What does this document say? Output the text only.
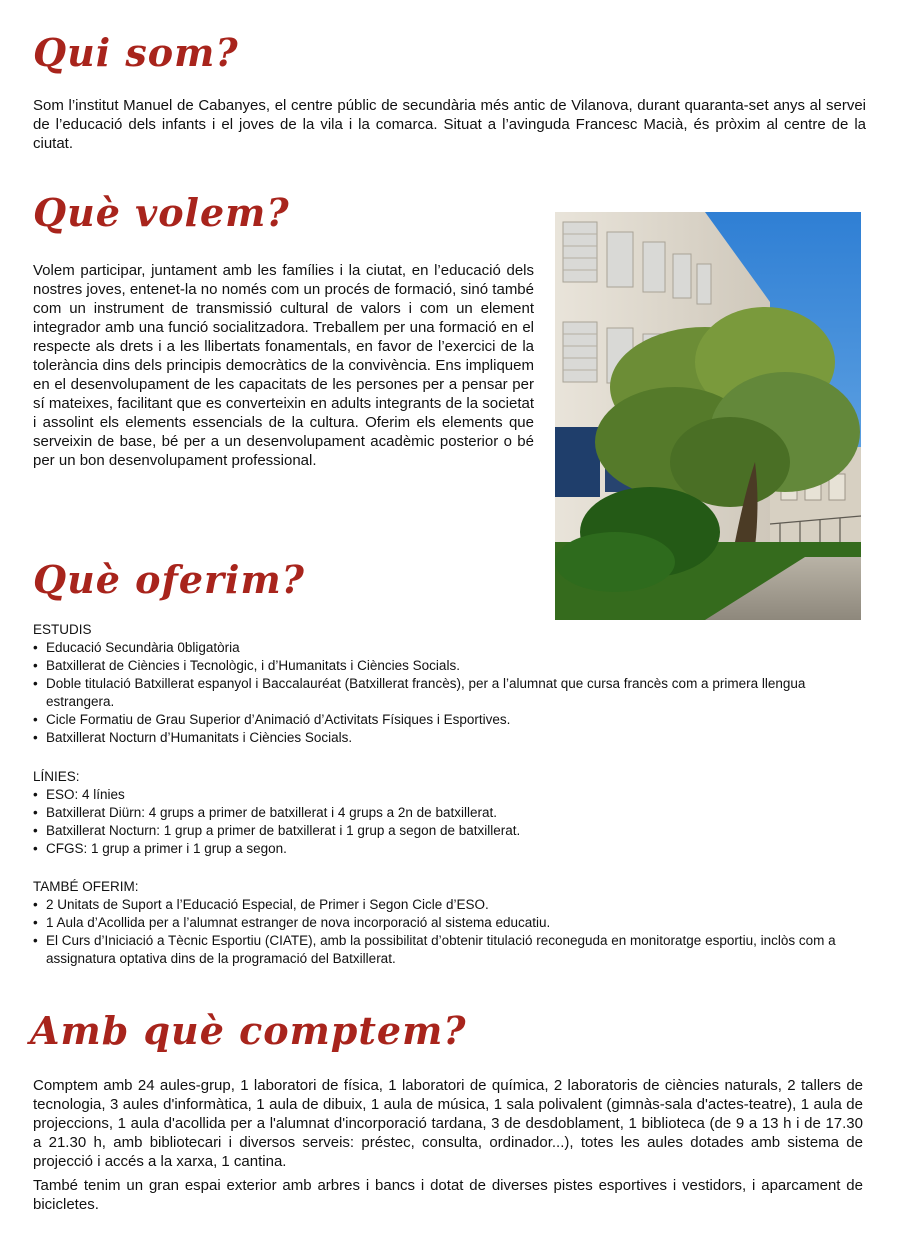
Qui som?

Som l’institut Manuel de Cabanyes, el centre públic de secundària més antic de Vilanova, durant quaranta-set anys al servei de l’educació dels infants i el joves de la vila i la comarca. Situat a l’avinguda Francesc Macià, és pròxim al centre de la ciutat.

Què volem?

Volem participar, juntament amb les famílies i la ciutat, en l’educació dels nostres joves, entenet-la no només com un procés de formació, sinó també com un instrument de transmissió cultural de valors i com un element integrador amb una funció socialitzadora. Treballem per una formació en el respecte als drets i a les llibertats fonamentals, en favor de l’exercici de la tolerància dins dels principis democràtics de la convivència. Ens impliquem en el desenvolupament de les capacitats de les persones per a pensar per sí mateixes, facilitant que es converteixin en adults integrants de la societat i assolint els elements essencials de la cultura. Oferim els elements que serveixin de base, bé per a un desenvolupament acadèmic posterior o bé per un bon desenvolupament professional.

Què oferim?
ESTUDIS
• Educació Secundària 0bligatòria
• Batxillerat de Ciències i Tecnològic, i d’Humanitats i Ciències Socials.
• Doble titulació Batxillerat espanyol i Baccalauréat (Batxillerat francès), per a l’alumnat que cursa francès com a primera llengua estrangera.
• Cicle Formatiu de Grau Superior d’Animació d’Activitats Físiques i Esportives.
• Batxillerat Nocturn d’Humanitats i Ciències Socials.
LÍNIES:
• ESO: 4 línies
• Batxillerat Diürn: 4 grups a primer de batxillerat i 4 grups a 2n de batxillerat.
• Batxillerat Nocturn: 1 grup a primer de batxillerat i 1 grup a segon de batxillerat.
• CFGS: 1 grup a primer i 1 grup a segon.
TAMBÉ OFERIM:
• 2 Unitats de Suport a l’Educació Especial, de Primer i Segon Cicle d’ESO.
• 1 Aula d’Acollida per a l’alumnat estranger de nova incorporació al sistema educatiu.
• El Curs d’Iniciació a Tècnic Esportiu (CIATE), amb la possibilitat d’obtenir titulació reconeguda en monitoratge esportiu, inclòs com a assignatura optativa dins de la programació del Batxillerat.
Amb què comptem?

Comptem amb 24 aules-grup, 1 laboratori de física, 1 laboratori de química, 2 laboratoris de ciències naturals, 2 tallers de tecnologia, 3 aules d'informàtica, 1 aula de dibuix, 1 aula de música, 1 sala polivalent (gimnàs-sala d'actes-teatre), 1 aula de projeccions, 1 aula d'acollida per a l'alumnat d'incorporació tardana, 3 de desdoblament, 1 biblioteca (de 9 a 13 h i de 17.30 a 21.30 h, amb bibliotecari i diversos serveis: préstec, consulta, ordinador...), totes les aules dotades amb sistema de projecció i accés a la xarxa, 1 cantina.

També tenim un gran espai exterior amb arbres i bancs i dotat de diverses pistes esportives i vestidors, i aparcament de bicicletes.
